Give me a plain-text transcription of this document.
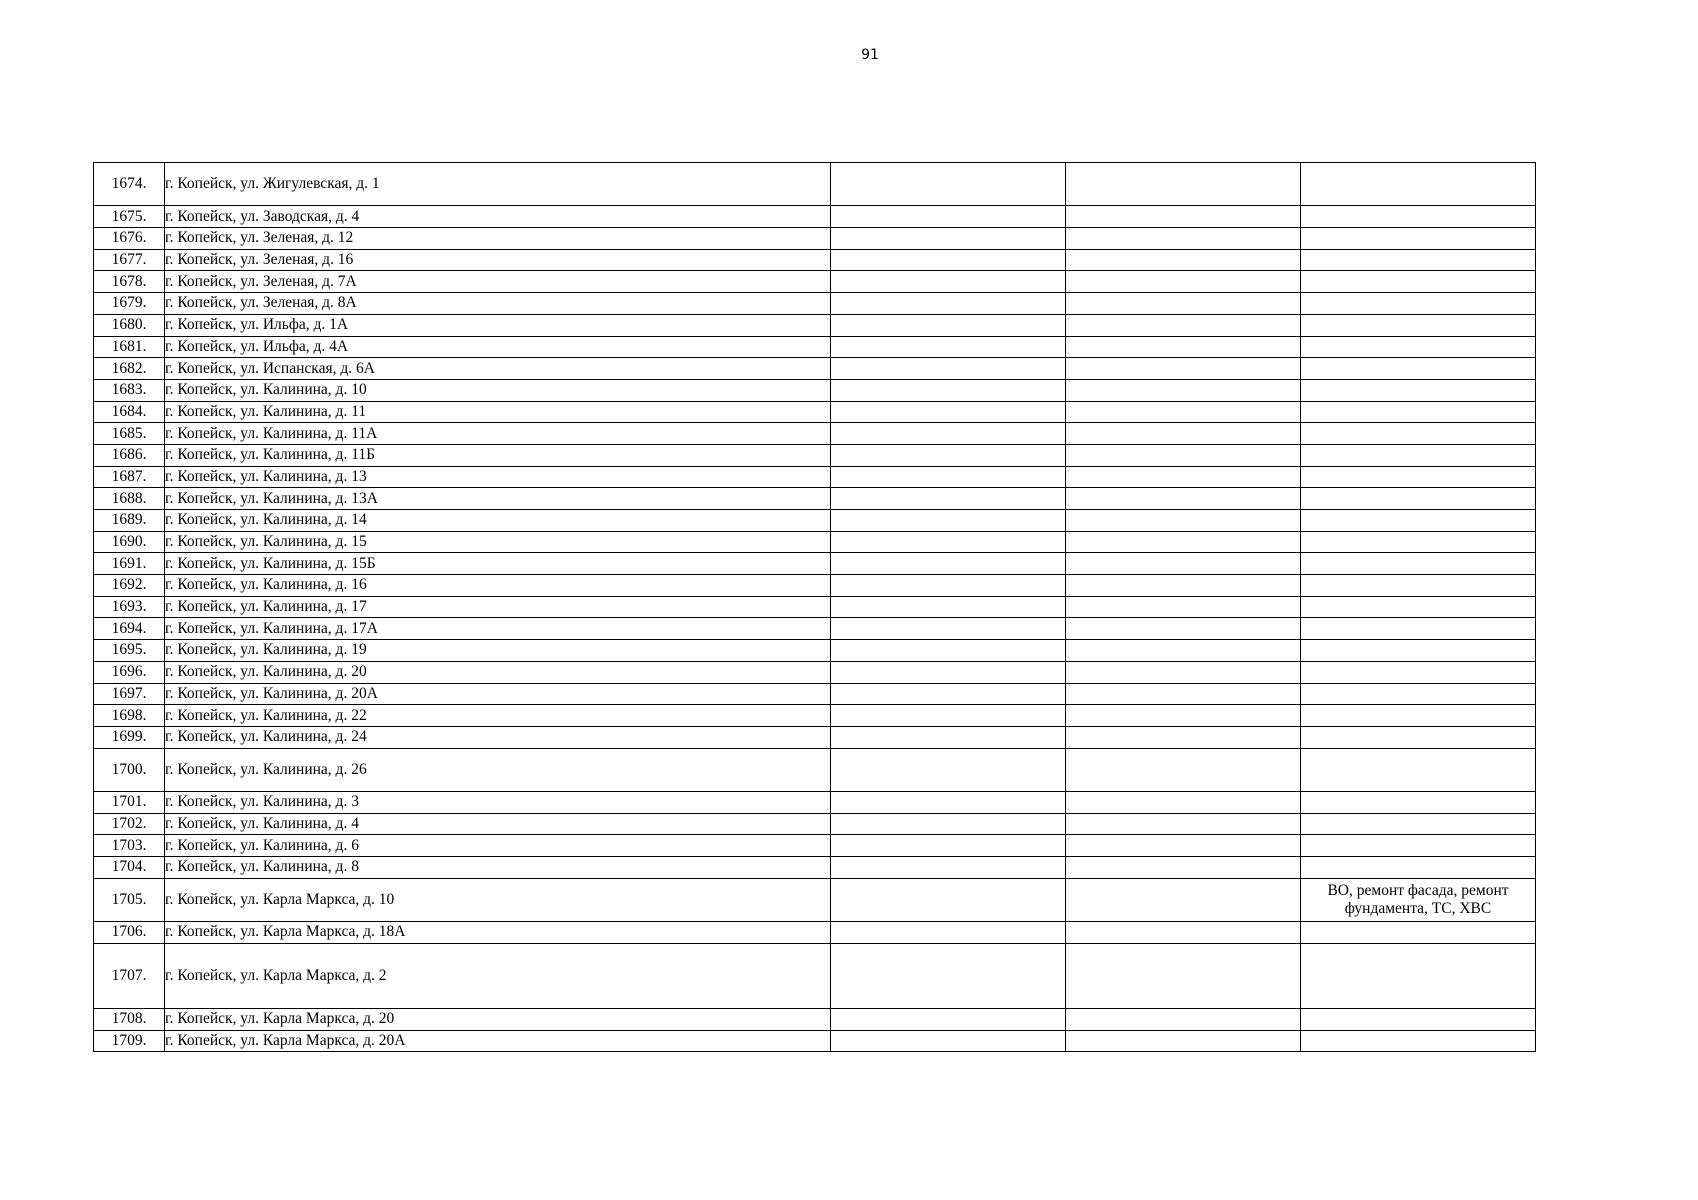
91
1674.	г. Копейск, ул. Жигулевская, д. 1			
1675.	г. Копейск, ул. Заводская, д. 4			
1676.	г. Копейск, ул. Зеленая, д. 12			
1677.	г. Копейск, ул. Зеленая, д. 16			
1678.	г. Копейск, ул. Зеленая, д. 7А			
1679.	г. Копейск, ул. Зеленая, д. 8А			
1680.	г. Копейск, ул. Ильфа, д. 1А			
1681.	г. Копейск, ул. Ильфа, д. 4А			
1682.	г. Копейск, ул. Испанская, д. 6А			
1683.	г. Копейск, ул. Калинина, д. 10			
1684.	г. Копейск, ул. Калинина, д. 11			
1685.	г. Копейск, ул. Калинина, д. 11А			
1686.	г. Копейск, ул. Калинина, д. 11Б			
1687.	г. Копейск, ул. Калинина, д. 13			
1688.	г. Копейск, ул. Калинина, д. 13А			
1689.	г. Копейск, ул. Калинина, д. 14			
1690.	г. Копейск, ул. Калинина, д. 15			
1691.	г. Копейск, ул. Калинина, д. 15Б			
1692.	г. Копейск, ул. Калинина, д. 16			
1693.	г. Копейск, ул. Калинина, д. 17			
1694.	г. Копейск, ул. Калинина, д. 17А			
1695.	г. Копейск, ул. Калинина, д. 19			
1696.	г. Копейск, ул. Калинина, д. 20			
1697.	г. Копейск, ул. Калинина, д. 20А			
1698.	г. Копейск, ул. Калинина, д. 22			
1699.	г. Копейск, ул. Калинина, д. 24			
1700.	г. Копейск, ул. Калинина, д. 26			
1701.	г. Копейск, ул. Калинина, д. 3			
1702.	г. Копейск, ул. Калинина, д. 4			
1703.	г. Копейск, ул. Калинина, д. 6			
1704.	г. Копейск, ул. Калинина, д. 8			
1705.	г. Копейск, ул. Карла Маркса, д. 10			ВО, ремонт фасада, ремонт фундамента, ТС, ХВС
1706.	г. Копейск, ул. Карла Маркса, д. 18А			
1707.	г. Копейск, ул. Карла Маркса, д. 2			
1708.	г. Копейск, ул. Карла Маркса, д. 20			
1709.	г. Копейск, ул. Карла Маркса, д. 20А			
